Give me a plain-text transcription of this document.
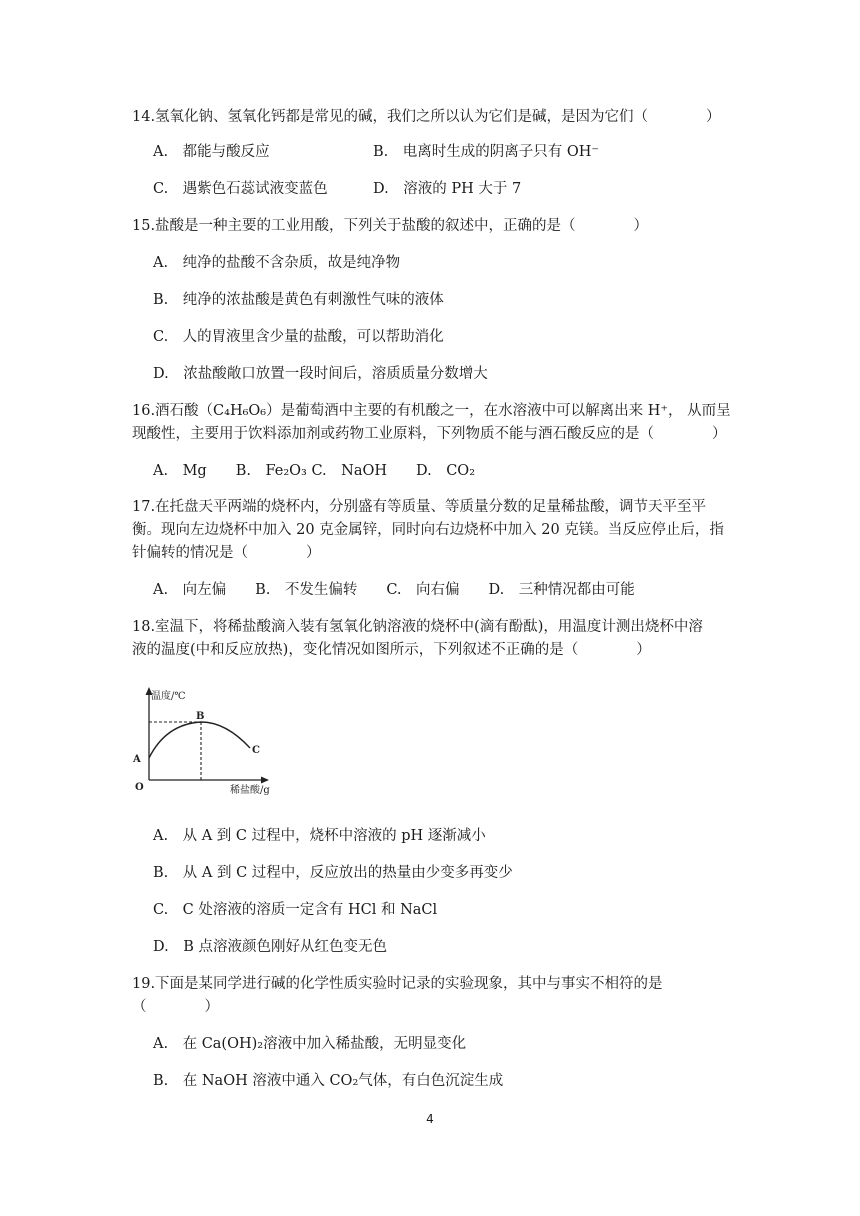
14.氢氧化钠、氢氧化钙都是常见的碱，我们之所以认为它们是碱，是因为它们（　　　　）

A.　都能与酸反应	B.　电离时生成的阴离子只有 OH⁻

C.　遇紫色石蕊试液变蓝色	D.　溶液的 PH 大于 7

15.盐酸是一种主要的工业用酸，下列关于盐酸的叙述中，正确的是（　　　　）

A.　纯净的盐酸不含杂质，故是纯净物

B.　纯净的浓盐酸是黄色有刺激性气味的液体

C.　人的胃液里含少量的盐酸，可以帮助消化

D.　浓盐酸敞口放置一段时间后，溶质质量分数增大

16.酒石酸（C₄H₆O₆）是葡萄酒中主要的有机酸之一，在水溶液中可以解离出来 H⁺， 从而呈

现酸性，主要用于饮料添加剂或药物工业原料，下列物质不能与酒石酸反应的是（　　　　）

A.　Mg　　B.　Fe₂O₃ C.　NaOH　　D.　CO₂

17.在托盘天平两端的烧杯内，分别盛有等质量、等质量分数的足量稀盐酸，调节天平至平

衡。现向左边烧杯中加入 20 克金属锌，同时向右边烧杯中加入 20 克镁。当反应停止后，指

针偏转的情况是（　　　　）

A.　向左偏　　B.　不发生偏转　　C.　向右偏　　D.　三种情况都由可能

18.室温下，将稀盐酸滴入装有氢氧化钠溶液的烧杯中(滴有酚酞)，用温度计测出烧杯中溶

液的温度(中和反应放热)，变化情况如图所示，下列叙述不正确的是（　　　　）

温度/℃
稀盐酸/g
O
A
B
C

A.　从 A 到 C 过程中，烧杯中溶液的 pH 逐渐减小

B.　从 A 到 C 过程中，反应放出的热量由少变多再变少

C.　C 处溶液的溶质一定含有 HCl 和 NaCl

D.　B 点溶液颜色刚好从红色变无色

19.下面是某同学进行碱的化学性质实验时记录的实验现象，其中与事实不相符的是

（　　　　）

A.　在 Ca(OH)₂溶液中加入稀盐酸，无明显变化

B.　在 NaOH 溶液中通入 CO₂气体，有白色沉淀生成

4
